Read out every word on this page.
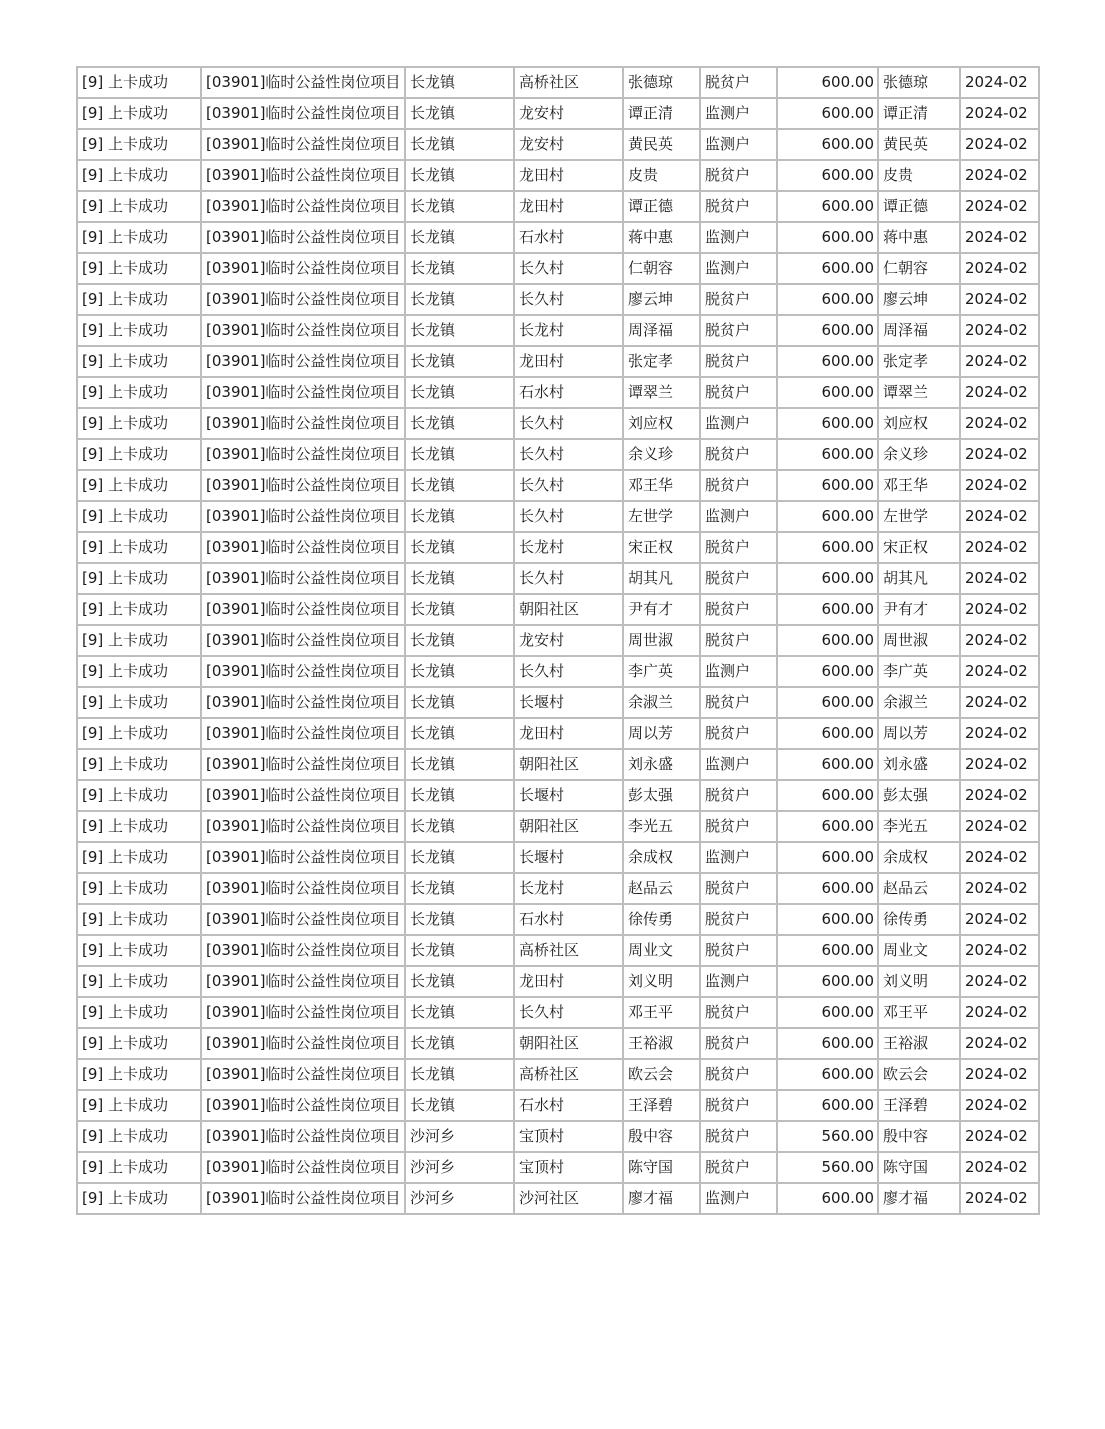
[9] 上卡成功	[03901]临时公益性岗位项目	长龙镇	高桥社区	张德琼	脱贫户	600.00	张德琼	2024-02
[9] 上卡成功	[03901]临时公益性岗位项目	长龙镇	龙安村	谭正清	监测户	600.00	谭正清	2024-02
[9] 上卡成功	[03901]临时公益性岗位项目	长龙镇	龙安村	黄民英	监测户	600.00	黄民英	2024-02
[9] 上卡成功	[03901]临时公益性岗位项目	长龙镇	龙田村	皮贵	脱贫户	600.00	皮贵	2024-02
[9] 上卡成功	[03901]临时公益性岗位项目	长龙镇	龙田村	谭正德	脱贫户	600.00	谭正德	2024-02
[9] 上卡成功	[03901]临时公益性岗位项目	长龙镇	石水村	蒋中惠	监测户	600.00	蒋中惠	2024-02
[9] 上卡成功	[03901]临时公益性岗位项目	长龙镇	长久村	仁朝容	监测户	600.00	仁朝容	2024-02
[9] 上卡成功	[03901]临时公益性岗位项目	长龙镇	长久村	廖云坤	脱贫户	600.00	廖云坤	2024-02
[9] 上卡成功	[03901]临时公益性岗位项目	长龙镇	长龙村	周泽福	脱贫户	600.00	周泽福	2024-02
[9] 上卡成功	[03901]临时公益性岗位项目	长龙镇	龙田村	张定孝	脱贫户	600.00	张定孝	2024-02
[9] 上卡成功	[03901]临时公益性岗位项目	长龙镇	石水村	谭翠兰	脱贫户	600.00	谭翠兰	2024-02
[9] 上卡成功	[03901]临时公益性岗位项目	长龙镇	长久村	刘应权	监测户	600.00	刘应权	2024-02
[9] 上卡成功	[03901]临时公益性岗位项目	长龙镇	长久村	余义珍	脱贫户	600.00	余义珍	2024-02
[9] 上卡成功	[03901]临时公益性岗位项目	长龙镇	长久村	邓王华	脱贫户	600.00	邓王华	2024-02
[9] 上卡成功	[03901]临时公益性岗位项目	长龙镇	长久村	左世学	监测户	600.00	左世学	2024-02
[9] 上卡成功	[03901]临时公益性岗位项目	长龙镇	长龙村	宋正权	脱贫户	600.00	宋正权	2024-02
[9] 上卡成功	[03901]临时公益性岗位项目	长龙镇	长久村	胡其凡	脱贫户	600.00	胡其凡	2024-02
[9] 上卡成功	[03901]临时公益性岗位项目	长龙镇	朝阳社区	尹有才	脱贫户	600.00	尹有才	2024-02
[9] 上卡成功	[03901]临时公益性岗位项目	长龙镇	龙安村	周世淑	脱贫户	600.00	周世淑	2024-02
[9] 上卡成功	[03901]临时公益性岗位项目	长龙镇	长久村	李广英	监测户	600.00	李广英	2024-02
[9] 上卡成功	[03901]临时公益性岗位项目	长龙镇	长堰村	余淑兰	脱贫户	600.00	余淑兰	2024-02
[9] 上卡成功	[03901]临时公益性岗位项目	长龙镇	龙田村	周以芳	脱贫户	600.00	周以芳	2024-02
[9] 上卡成功	[03901]临时公益性岗位项目	长龙镇	朝阳社区	刘永盛	监测户	600.00	刘永盛	2024-02
[9] 上卡成功	[03901]临时公益性岗位项目	长龙镇	长堰村	彭太强	脱贫户	600.00	彭太强	2024-02
[9] 上卡成功	[03901]临时公益性岗位项目	长龙镇	朝阳社区	李光五	脱贫户	600.00	李光五	2024-02
[9] 上卡成功	[03901]临时公益性岗位项目	长龙镇	长堰村	余成权	监测户	600.00	余成权	2024-02
[9] 上卡成功	[03901]临时公益性岗位项目	长龙镇	长龙村	赵品云	脱贫户	600.00	赵品云	2024-02
[9] 上卡成功	[03901]临时公益性岗位项目	长龙镇	石水村	徐传勇	脱贫户	600.00	徐传勇	2024-02
[9] 上卡成功	[03901]临时公益性岗位项目	长龙镇	高桥社区	周业文	脱贫户	600.00	周业文	2024-02
[9] 上卡成功	[03901]临时公益性岗位项目	长龙镇	龙田村	刘义明	监测户	600.00	刘义明	2024-02
[9] 上卡成功	[03901]临时公益性岗位项目	长龙镇	长久村	邓王平	脱贫户	600.00	邓王平	2024-02
[9] 上卡成功	[03901]临时公益性岗位项目	长龙镇	朝阳社区	王裕淑	脱贫户	600.00	王裕淑	2024-02
[9] 上卡成功	[03901]临时公益性岗位项目	长龙镇	高桥社区	欧云会	脱贫户	600.00	欧云会	2024-02
[9] 上卡成功	[03901]临时公益性岗位项目	长龙镇	石水村	王泽碧	脱贫户	600.00	王泽碧	2024-02
[9] 上卡成功	[03901]临时公益性岗位项目	沙河乡	宝顶村	殷中容	脱贫户	560.00	殷中容	2024-02
[9] 上卡成功	[03901]临时公益性岗位项目	沙河乡	宝顶村	陈守国	脱贫户	560.00	陈守国	2024-02
[9] 上卡成功	[03901]临时公益性岗位项目	沙河乡	沙河社区	廖才福	监测户	600.00	廖才福	2024-02
